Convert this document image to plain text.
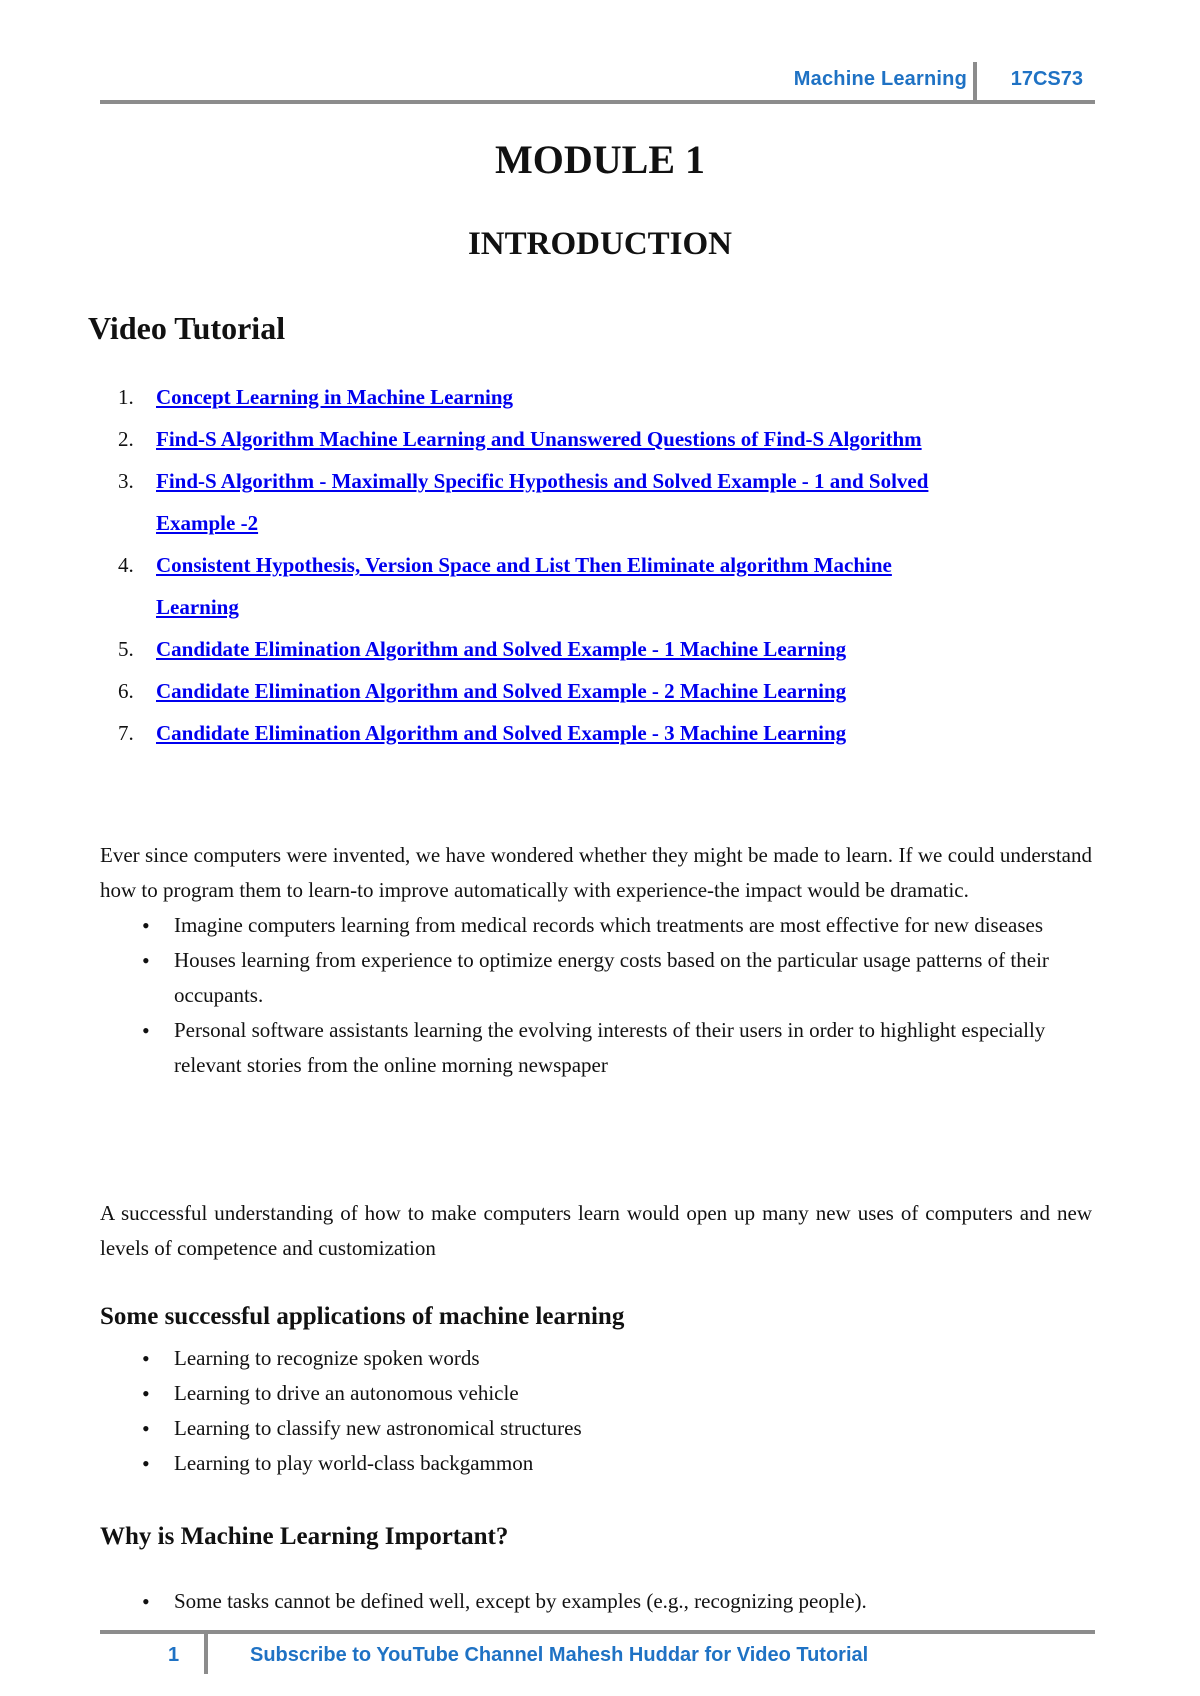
Machine Learning 17CS73
MODULE 1
INTRODUCTION
Video Tutorial
1. Concept Learning in Machine Learning
2. Find-S Algorithm Machine Learning and Unanswered Questions of Find-S Algorithm
3. Find-S Algorithm - Maximally Specific Hypothesis and Solved Example - 1 and Solved
Example -2
4. Consistent Hypothesis, Version Space and List Then Eliminate algorithm Machine
Learning
5. Candidate Elimination Algorithm and Solved Example - 1 Machine Learning
6. Candidate Elimination Algorithm and Solved Example - 2 Machine Learning
7. Candidate Elimination Algorithm and Solved Example - 3 Machine Learning

Ever since computers were invented, we have wondered whether they might be made to learn. If we could understand how to program them to learn-to improve automatically with experience-the impact would be dramatic.

• Imagine computers learning from medical records which treatments are most effective for new diseases
• Houses learning from experience to optimize energy costs based on the particular usage patterns of their occupants.
• Personal software assistants learning the evolving interests of their users in order to highlight especially relevant stories from the online morning newspaper

A successful understanding of how to make computers learn would open up many new uses of computers and new levels of competence and customization

Some successful applications of machine learning
• Learning to recognize spoken words
• Learning to drive an autonomous vehicle
• Learning to classify new astronomical structures
• Learning to play world-class backgammon
Why is Machine Learning Important?
• Some tasks cannot be defined well, except by examples (e.g., recognizing people).
1	Subscribe to YouTube Channel Mahesh Huddar for Video Tutorial
